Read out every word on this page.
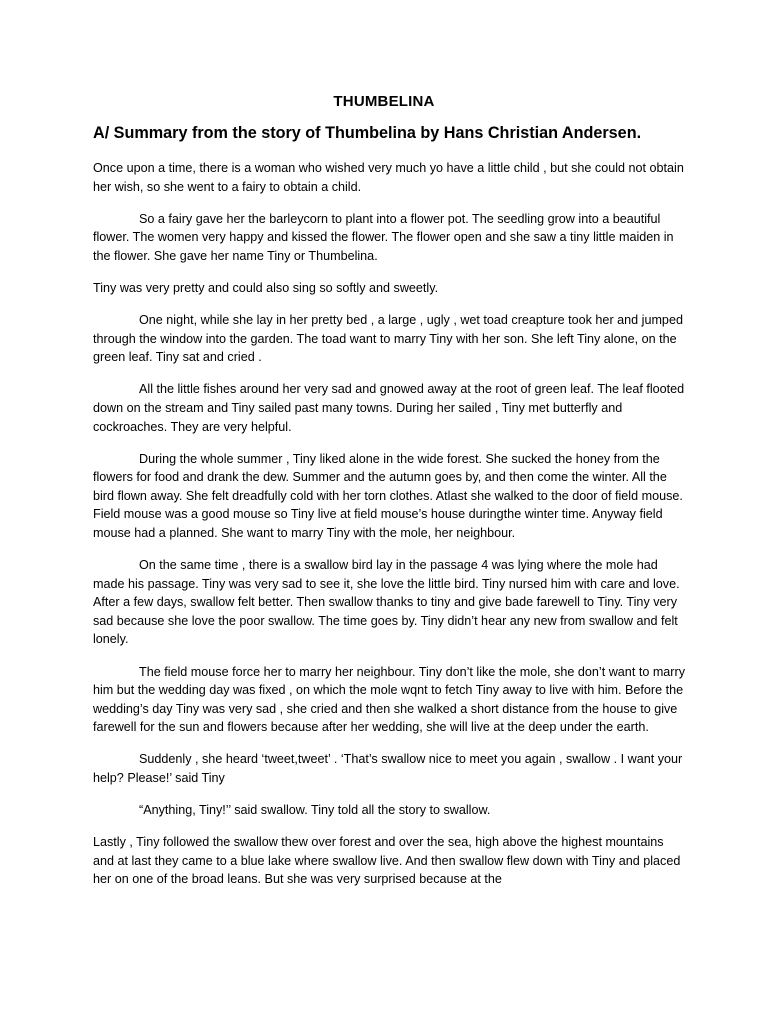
THUMBELINA
A/ Summary from the story of Thumbelina by Hans Christian Andersen.

Once upon a time, there is a woman who wished very much yo have a little child , but she could not obtain her wish, so she went to a fairy to obtain a child.

So a fairy gave her the barleycorn to plant into a flower pot. The seedling grow into a beautiful flower. The women very happy and kissed the flower. The flower open and she saw a tiny little maiden in the flower. She gave her name Tiny or Thumbelina.

Tiny was very pretty and could also sing so softly and sweetly.

One night, while she lay in her pretty bed , a large , ugly , wet toad creapture took her and jumped through the window into the garden. The toad want to marry Tiny with her son. She left Tiny alone, on the green leaf. Tiny sat and cried .

All the little fishes around her very sad and gnowed away at the root of green leaf. The leaf flooted down on the stream and Tiny sailed past many towns. During her sailed , Tiny met butterfly and cockroaches. They are very helpful.

During the whole summer , Tiny liked alone in the wide forest. She sucked the honey from the flowers for food and drank the dew. Summer and the autumn goes by, and then come the winter. All the bird flown away. She felt dreadfully cold with her torn clothes. Atlast she walked to the door of field mouse. Field mouse was a good mouse so Tiny live at field mouse’s house duringthe winter time. Anyway field mouse had a planned. She want to marry Tiny with the mole, her neighbour.

On the same time , there is a swallow bird lay in the passage 4 was lying where the mole had made his passage. Tiny was very sad to see it, she love the little bird. Tiny nursed him with care and love. After a few days, swallow felt better. Then swallow thanks to tiny and give bade farewell to Tiny. Tiny very sad because she love the poor swallow. The time goes by. Tiny didn’t hear any new from swallow and felt lonely.

The field mouse force her to marry her neighbour. Tiny don’t like the mole, she don’t want to marry him but the wedding day was fixed , on which the mole wqnt to fetch Tiny away to live with him. Before the wedding’s day Tiny was very sad , she cried and then she walked a short distance from the house to give farewell for the sun and flowers because after her wedding, she will live at the deep under the earth.

Suddenly , she heard ‘tweet,tweet’ . ‘That’s swallow nice to meet you again , swallow . I want your help? Please!’ said Tiny

“Anything, Tiny!’’ said swallow. Tiny told all the story to swallow.

Lastly , Tiny followed the swallow thew over forest and over the sea, high above the highest mountains and at last they came to a blue lake where swallow live. And then swallow flew down with Tiny and placed her on one of the broad leans. But she was very surprised because at the
